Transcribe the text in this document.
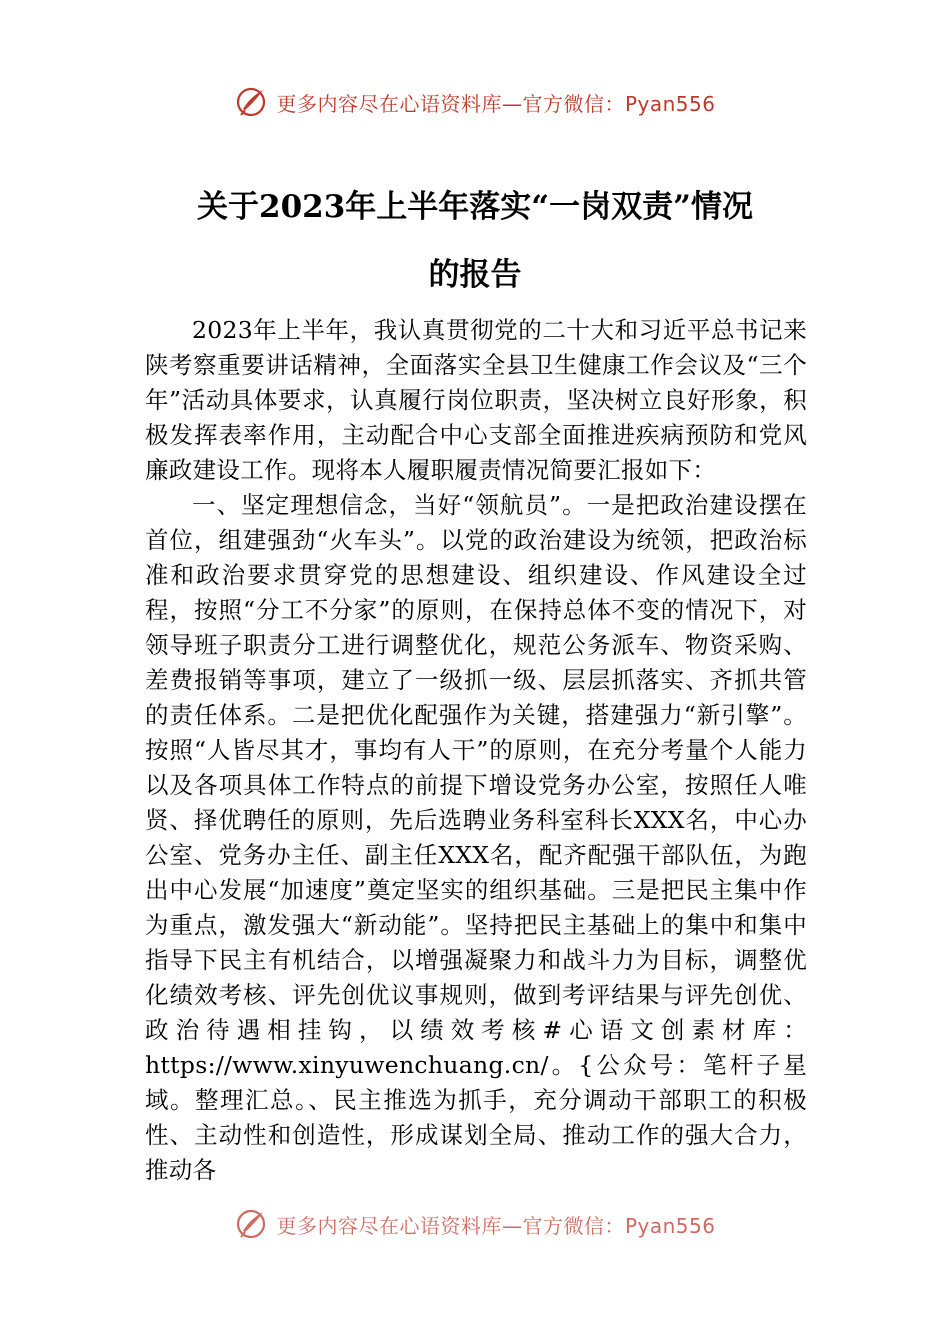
更多内容尽在心语资料库—官方微信：Pyan556
关于2023年上半年落实“一岗双责”情况
的报告

2023年上半年，我认真贯彻党的二十大和习近平总书记来陕考察重要讲话精神，全面落实全县卫生健康工作会议及“三个年”活动具体要求，认真履行岗位职责，坚决树立良好形象，积极发挥表率作用，主动配合中心支部全面推进疾病预防和党风廉政建设工作。现将本人履职履责情况简要汇报如下：

一、坚定理想信念，当好“领航员”。一是把政治建设摆在首位，组建强劲“火车头”。以党的政治建设为统领，把政治标准和政治要求贯穿党的思想建设、组织建设、作风建设全过程，按照“分工不分家”的原则，在保持总体不变的情况下，对领导班子职责分工进行调整优化，规范公务派车、物资采购、差费报销等事项，建立了一级抓一级、层层抓落实、齐抓共管的责任体系。二是把优化配强作为关键，搭建强力“新引擎”。按照“人皆尽其才，事均有人干”的原则，在充分考量个人能力以及各项具体工作特点的前提下增设党务办公室，按照任人唯贤、择优聘任的原则，先后选聘业务科室科长XXX名，中心办公室、党务办主任、副主任XXX名，配齐配强干部队伍，为跑出中心发展“加速度”奠定坚实的组织基础。三是把民主集中作为重点，激发强大“新动能”。坚持把民主基础上的集中和集中指导下民主有机结合，以增强凝聚力和战斗力为目标，调整优化绩效考核、评先创优议事规则，做到考评结果与评先创优、政治待遇相挂钩，以绩效考核#心语文创素材库：https://www.xinyuwenchuang.cn/。{公众号：笔杆子星域。整理汇总。、民主推选为抓手，充分调动干部职工的积极性、主动性和创造性，形成谋划全局、推动工作的强大合力，推动各

更多内容尽在心语资料库—官方微信：Pyan556
